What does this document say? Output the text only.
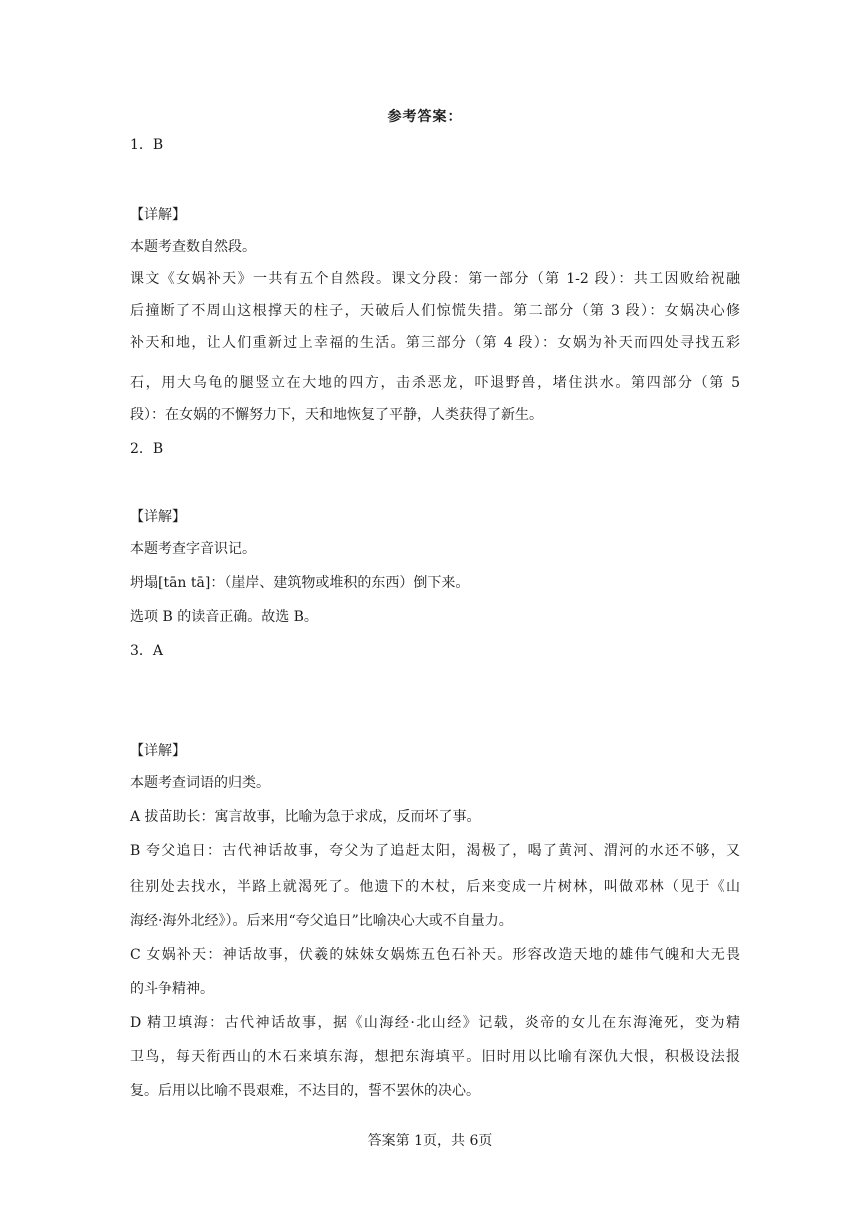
参考答案：
1．B
【详解】
本题考查数自然段。
课文《女娲补天》一共有五个自然段。课文分段：第一部分（第 1-2 段）：共工因败给祝融
后撞断了不周山这根撑天的柱子，天破后人们惊慌失措。第二部分（第 3 段）：女娲决心修
补天和地，让人们重新过上幸福的生活。第三部分（第 4 段）：女娲为补天而四处寻找五彩
石，用大乌龟的腿竖立在大地的四方，击杀恶龙，吓退野兽，堵住洪水。第四部分（第 5
段）：在女娲的不懈努力下，天和地恢复了平静，人类获得了新生。
2．B
【详解】
本题考查字音识记。
坍塌[tān tā]：（崖岸、建筑物或堆积的东西）倒下来。
选项 B 的读音正确。故选 B。
3．A
【详解】
本题考查词语的归类。
A 拔苗助长：寓言故事，比喻为急于求成，反而坏了事。
B 夸父追日：古代神话故事，夸父为了追赶太阳，渴极了，喝了黄河、渭河的水还不够，又
往别处去找水，半路上就渴死了。他遗下的木杖，后来变成一片树林，叫做邓林（见于《山
海经·海外北经》）。后来用“夸父追日”比喻决心大或不自量力。
C 女娲补天：神话故事，伏羲的妹妹女娲炼五色石补天。形容改造天地的雄伟气魄和大无畏
的斗争精神。
D 精卫填海：古代神话故事，据《山海经·北山经》记载，炎帝的女儿在东海淹死，变为精
卫鸟，每天衔西山的木石来填东海，想把东海填平。旧时用以比喻有深仇大恨，积极设法报
复。后用以比喻不畏艰难，不达目的，誓不罢休的决心。
答案第 1页，共 6页
